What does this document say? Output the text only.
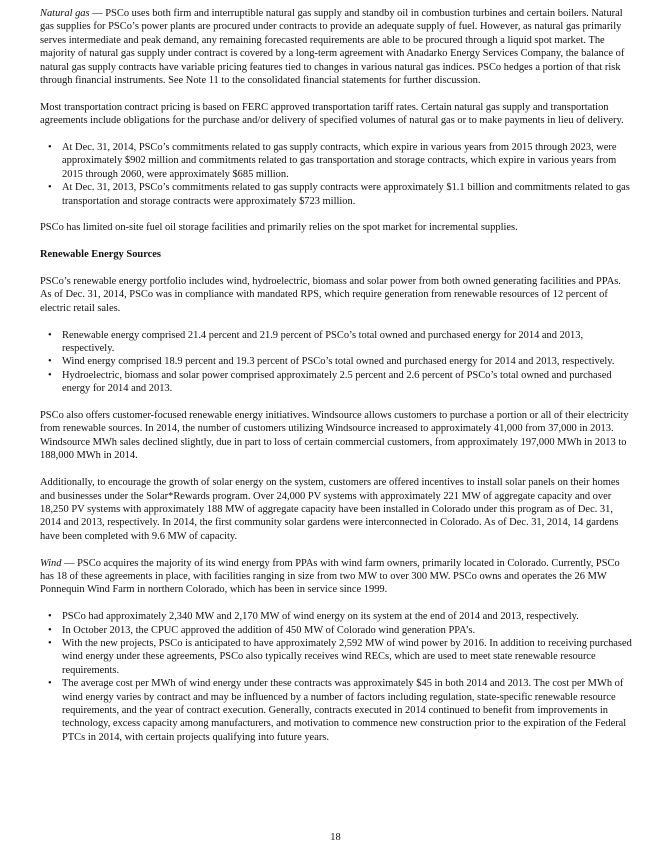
Natural gas — PSCo uses both firm and interruptible natural gas supply and standby oil in combustion turbines and certain boilers. Natural gas supplies for PSCo’s power plants are procured under contracts to provide an adequate supply of fuel. However, as natural gas primarily serves intermediate and peak demand, any remaining forecasted requirements are able to be procured through a liquid spot market. The majority of natural gas supply under contract is covered by a long-term agreement with Anadarko Energy Services Company, the balance of natural gas supply contracts have variable pricing features tied to changes in various natural gas indices. PSCo hedges a portion of that risk through financial instruments. See Note 11 to the consolidated financial statements for further discussion.

Most transportation contract pricing is based on FERC approved transportation tariff rates. Certain natural gas supply and transportation agreements include obligations for the purchase and/or delivery of specified volumes of natural gas or to make payments in lieu of delivery.

• At Dec. 31, 2014, PSCo’s commitments related to gas supply contracts, which expire in various years from 2015 through 2023, were approximately $902 million and commitments related to gas transportation and storage contracts, which expire in various years from 2015 through 2060, were approximately $685 million.
• At Dec. 31, 2013, PSCo’s commitments related to gas supply contracts were approximately $1.1 billion and commitments related to gas transportation and storage contracts were approximately $723 million.

PSCo has limited on-site fuel oil storage facilities and primarily relies on the spot market for incremental supplies.

Renewable Energy Sources

PSCo’s renewable energy portfolio includes wind, hydroelectric, biomass and solar power from both owned generating facilities and PPAs. As of Dec. 31, 2014, PSCo was in compliance with mandated RPS, which require generation from renewable resources of 12 percent of electric retail sales.

• Renewable energy comprised 21.4 percent and 21.9 percent of PSCo’s total owned and purchased energy for 2014 and 2013, respectively.
• Wind energy comprised 18.9 percent and 19.3 percent of PSCo’s total owned and purchased energy for 2014 and 2013, respectively.
• Hydroelectric, biomass and solar power comprised approximately 2.5 percent and 2.6 percent of PSCo’s total owned and purchased energy for 2014 and 2013.

PSCo also offers customer-focused renewable energy initiatives. Windsource allows customers to purchase a portion or all of their electricity from renewable sources. In 2014, the number of customers utilizing Windsource increased to approximately 41,000 from 37,000 in 2013. Windsource MWh sales declined slightly, due in part to loss of certain commercial customers, from approximately 197,000 MWh in 2013 to 188,000 MWh in 2014.

Additionally, to encourage the growth of solar energy on the system, customers are offered incentives to install solar panels on their homes and businesses under the Solar*Rewards program. Over 24,000 PV systems with approximately 221 MW of aggregate capacity and over 18,250 PV systems with approximately 188 MW of aggregate capacity have been installed in Colorado under this program as of Dec. 31, 2014 and 2013, respectively. In 2014, the first community solar gardens were interconnected in Colorado. As of Dec. 31, 2014, 14 gardens have been completed with 9.6 MW of capacity.

Wind — PSCo acquires the majority of its wind energy from PPAs with wind farm owners, primarily located in Colorado. Currently, PSCo has 18 of these agreements in place, with facilities ranging in size from two MW to over 300 MW. PSCo owns and operates the 26 MW Ponnequin Wind Farm in northern Colorado, which has been in service since 1999.

• PSCo had approximately 2,340 MW and 2,170 MW of wind energy on its system at the end of 2014 and 2013, respectively.
• In October 2013, the CPUC approved the addition of 450 MW of Colorado wind generation PPA’s.
• With the new projects, PSCo is anticipated to have approximately 2,592 MW of wind power by 2016. In addition to receiving purchased wind energy under these agreements, PSCo also typically receives wind RECs, which are used to meet state renewable resource requirements.
• The average cost per MWh of wind energy under these contracts was approximately $45 in both 2014 and 2013. The cost per MWh of wind energy varies by contract and may be influenced by a number of factors including regulation, state-specific renewable resource requirements, and the year of contract execution. Generally, contracts executed in 2014 continued to benefit from improvements in technology, excess capacity among manufacturers, and motivation to commence new construction prior to the expiration of the Federal PTCs in 2014, with certain projects qualifying into future years.
18
